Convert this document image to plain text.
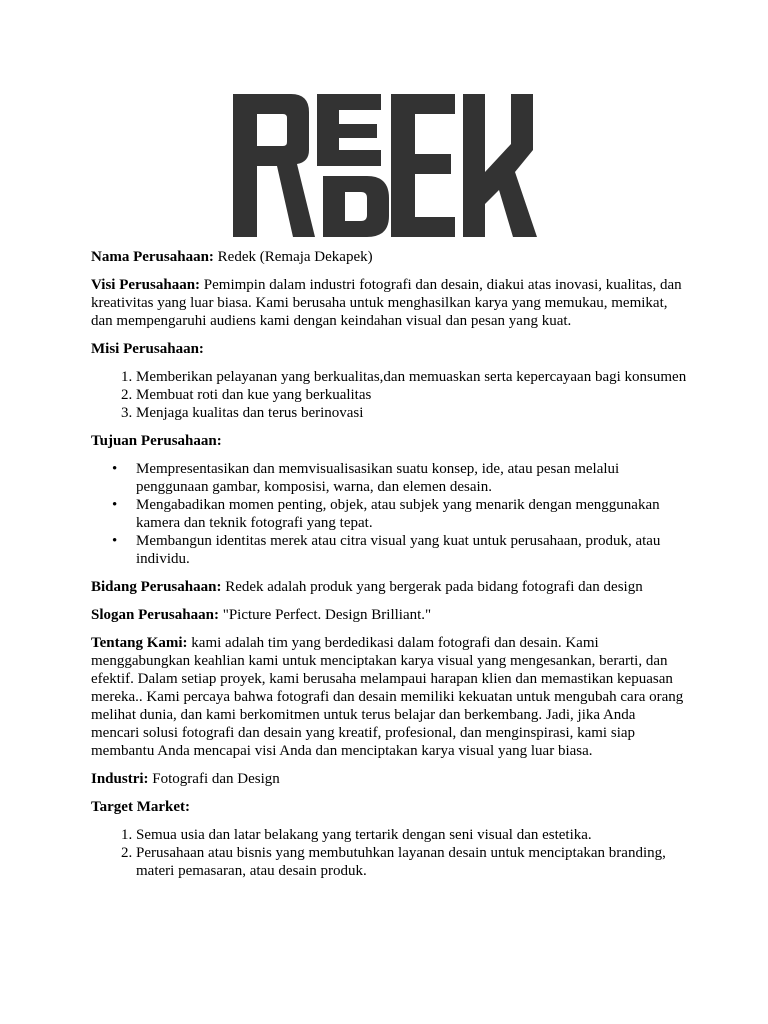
Nama Perusahaan: Redek (Remaja Dekapek)

Visi Perusahaan: Pemimpin dalam industri fotografi dan desain, diakui atas inovasi, kualitas, dan kreativitas yang luar biasa. Kami berusaha untuk menghasilkan karya yang memukau, memikat, dan mempengaruhi audiens kami dengan keindahan visual dan pesan yang kuat.

Misi Perusahaan:

1. Memberikan pelayanan yang berkualitas,dan memuaskan serta kepercayaan bagi konsumen
2. Membuat roti dan kue yang berkualitas
3. Menjaga kualitas dan terus berinovasi

Tujuan Perusahaan:

• Mempresentasikan dan memvisualisasikan suatu konsep, ide, atau pesan melalui penggunaan gambar, komposisi, warna, dan elemen desain.
• Mengabadikan momen penting, objek, atau subjek yang menarik dengan menggunakan kamera dan teknik fotografi yang tepat.
• Membangun identitas merek atau citra visual yang kuat untuk perusahaan, produk, atau individu.

Bidang Perusahaan: Redek adalah produk yang bergerak pada bidang fotografi dan design

Slogan Perusahaan: "Picture Perfect. Design Brilliant."

Tentang Kami: kami adalah tim yang berdedikasi dalam fotografi dan desain. Kami menggabungkan keahlian kami untuk menciptakan karya visual yang mengesankan, berarti, dan efektif. Dalam setiap proyek, kami berusaha melampaui harapan klien dan memastikan kepuasan mereka.. Kami percaya bahwa fotografi dan desain memiliki kekuatan untuk mengubah cara orang melihat dunia, dan kami berkomitmen untuk terus belajar dan berkembang. Jadi, jika Anda mencari solusi fotografi dan desain yang kreatif, profesional, dan menginspirasi, kami siap membantu Anda mencapai visi Anda dan menciptakan karya visual yang luar biasa.

Industri: Fotografi dan Design

Target Market:

1. Semua usia dan latar belakang yang tertarik dengan seni visual dan estetika.
2. Perusahaan atau bisnis yang membutuhkan layanan desain untuk menciptakan branding, materi pemasaran, atau desain produk.
